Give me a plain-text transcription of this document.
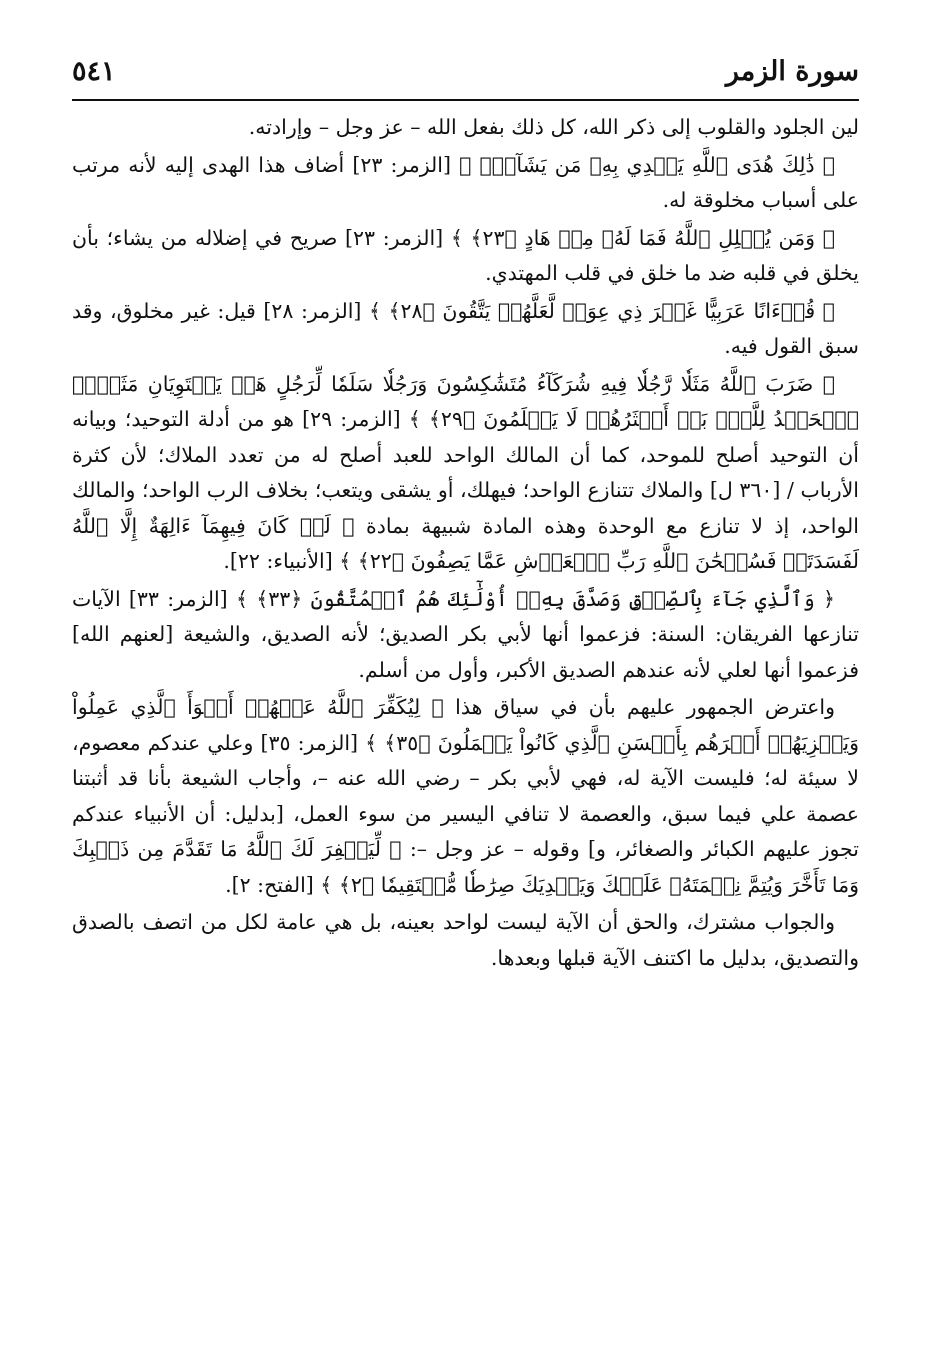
سورة الزمر
٥٤١

لين الجلود والقلوب إلى ذكر الله، كل ذلك بفعل الله – عز وجل – وإرادته.

﴿ ذَٰلِكَ هُدَى ٱللَّهِ يَهۡدِي بِهِۦ مَن يَشَآءُۚ ﴾ [الزمر: ٢٣] أضاف هذا الهدى إليه لأنه مرتب على أسباب مخلوقة له.

﴿ وَمَن يُضۡلِلِ ٱللَّهُ فَمَا لَهُۥ مِنۡ هَادٍ ﴿٢٣﴾ ﴾ [الزمر: ٢٣] صريح في إضلاله من يشاء؛ بأن يخلق في قلبه ضد ما خلق في قلب المهتدي.

﴿ قُرۡءَانًا عَرَبِيًّا غَيۡرَ ذِي عِوَجٖ لَّعَلَّهُمۡ يَتَّقُونَ ﴿٢٨﴾ ﴾ [الزمر: ٢٨] قيل: غير مخلوق، وقد سبق القول فيه.

﴿ ضَرَبَ ٱللَّهُ مَثَلٗا رَّجُلٗا فِيهِ شُرَكَآءُ مُتَشَٰكِسُونَ وَرَجُلٗا سَلَمٗا لِّرَجُلٍ هَلۡ يَسۡتَوِيَانِ مَثَلًاۚ ٱلۡحَمۡدُ لِلَّهِۚ بَلۡ أَكۡثَرُهُمۡ لَا يَعۡلَمُونَ ﴿٢٩﴾ ﴾ [الزمر: ٢٩] هو من أدلة التوحيد؛ وبيانه أن التوحيد أصلح للموحد، كما أن المالك الواحد للعبد أصلح له من تعدد الملاك؛ لأن كثرة الأرباب / [٣٦٠ ل] والملاك تتنازع الواحد؛ فيهلك، أو يشقى ويتعب؛ بخلاف الرب الواحد؛ والمالك الواحد، إذ لا تنازع مع الوحدة وهذه المادة شبيهة بمادة ﴿ لَوۡ كَانَ فِيهِمَآ ءَالِهَةٌ إِلَّا ٱللَّهُ لَفَسَدَتَاۚ فَسُبۡحَٰنَ ٱللَّهِ رَبِّ ٱلۡعَرۡشِ عَمَّا يَصِفُونَ ﴿٢٢﴾ ﴾ [الأنبياء: ٢٢].

﴿ وَٱلَّذِي جَآءَ بِٱلصِّدۡقِ وَصَدَّقَ بِهِۦٓ أُوْلَٰٓئِكَ هُمُ ٱلۡمُتَّقُونَ ﴿٣٣﴾ ﴾ [الزمر: ٣٣] الآيات تنازعها الفريقان: السنة: فزعموا أنها لأبي بكر الصديق؛ لأنه الصديق، والشيعة [لعنهم الله] فزعموا أنها لعلي لأنه عندهم الصديق الأكبر، وأول من أسلم.

واعترض الجمهور عليهم بأن في سياق هذا ﴿ لِيُكَفِّرَ ٱللَّهُ عَنۡهُمۡ أَسۡوَأَ ٱلَّذِي عَمِلُواْ وَيَجۡزِيَهُمۡ أَجۡرَهُم بِأَحۡسَنِ ٱلَّذِي كَانُواْ يَعۡمَلُونَ ﴿٣٥﴾ ﴾ [الزمر: ٣٥] وعلي عندكم معصوم، لا سيئة له؛ فليست الآية له، فهي لأبي بكر – رضي الله عنه –، وأجاب الشيعة بأنا قد أثبتنا عصمة علي فيما سبق، والعصمة لا تنافي اليسير من سوء العمل، [بدليل: أن الأنبياء عندكم تجوز عليهم الكبائر والصغائر، و] وقوله – عز وجل –: ﴿ لِّيَغۡفِرَ لَكَ ٱللَّهُ مَا تَقَدَّمَ مِن ذَنۢبِكَ وَمَا تَأَخَّرَ وَيُتِمَّ نِعۡمَتَهُۥ عَلَيۡكَ وَيَهۡدِيَكَ صِرَٰطٗا مُّسۡتَقِيمٗا ﴿٢﴾ ﴾ [الفتح: ٢].

والجواب مشترك، والحق أن الآية ليست لواحد بعينه، بل هي عامة لكل من اتصف بالصدق والتصديق، بدليل ما اكتنف الآية قبلها وبعدها.
